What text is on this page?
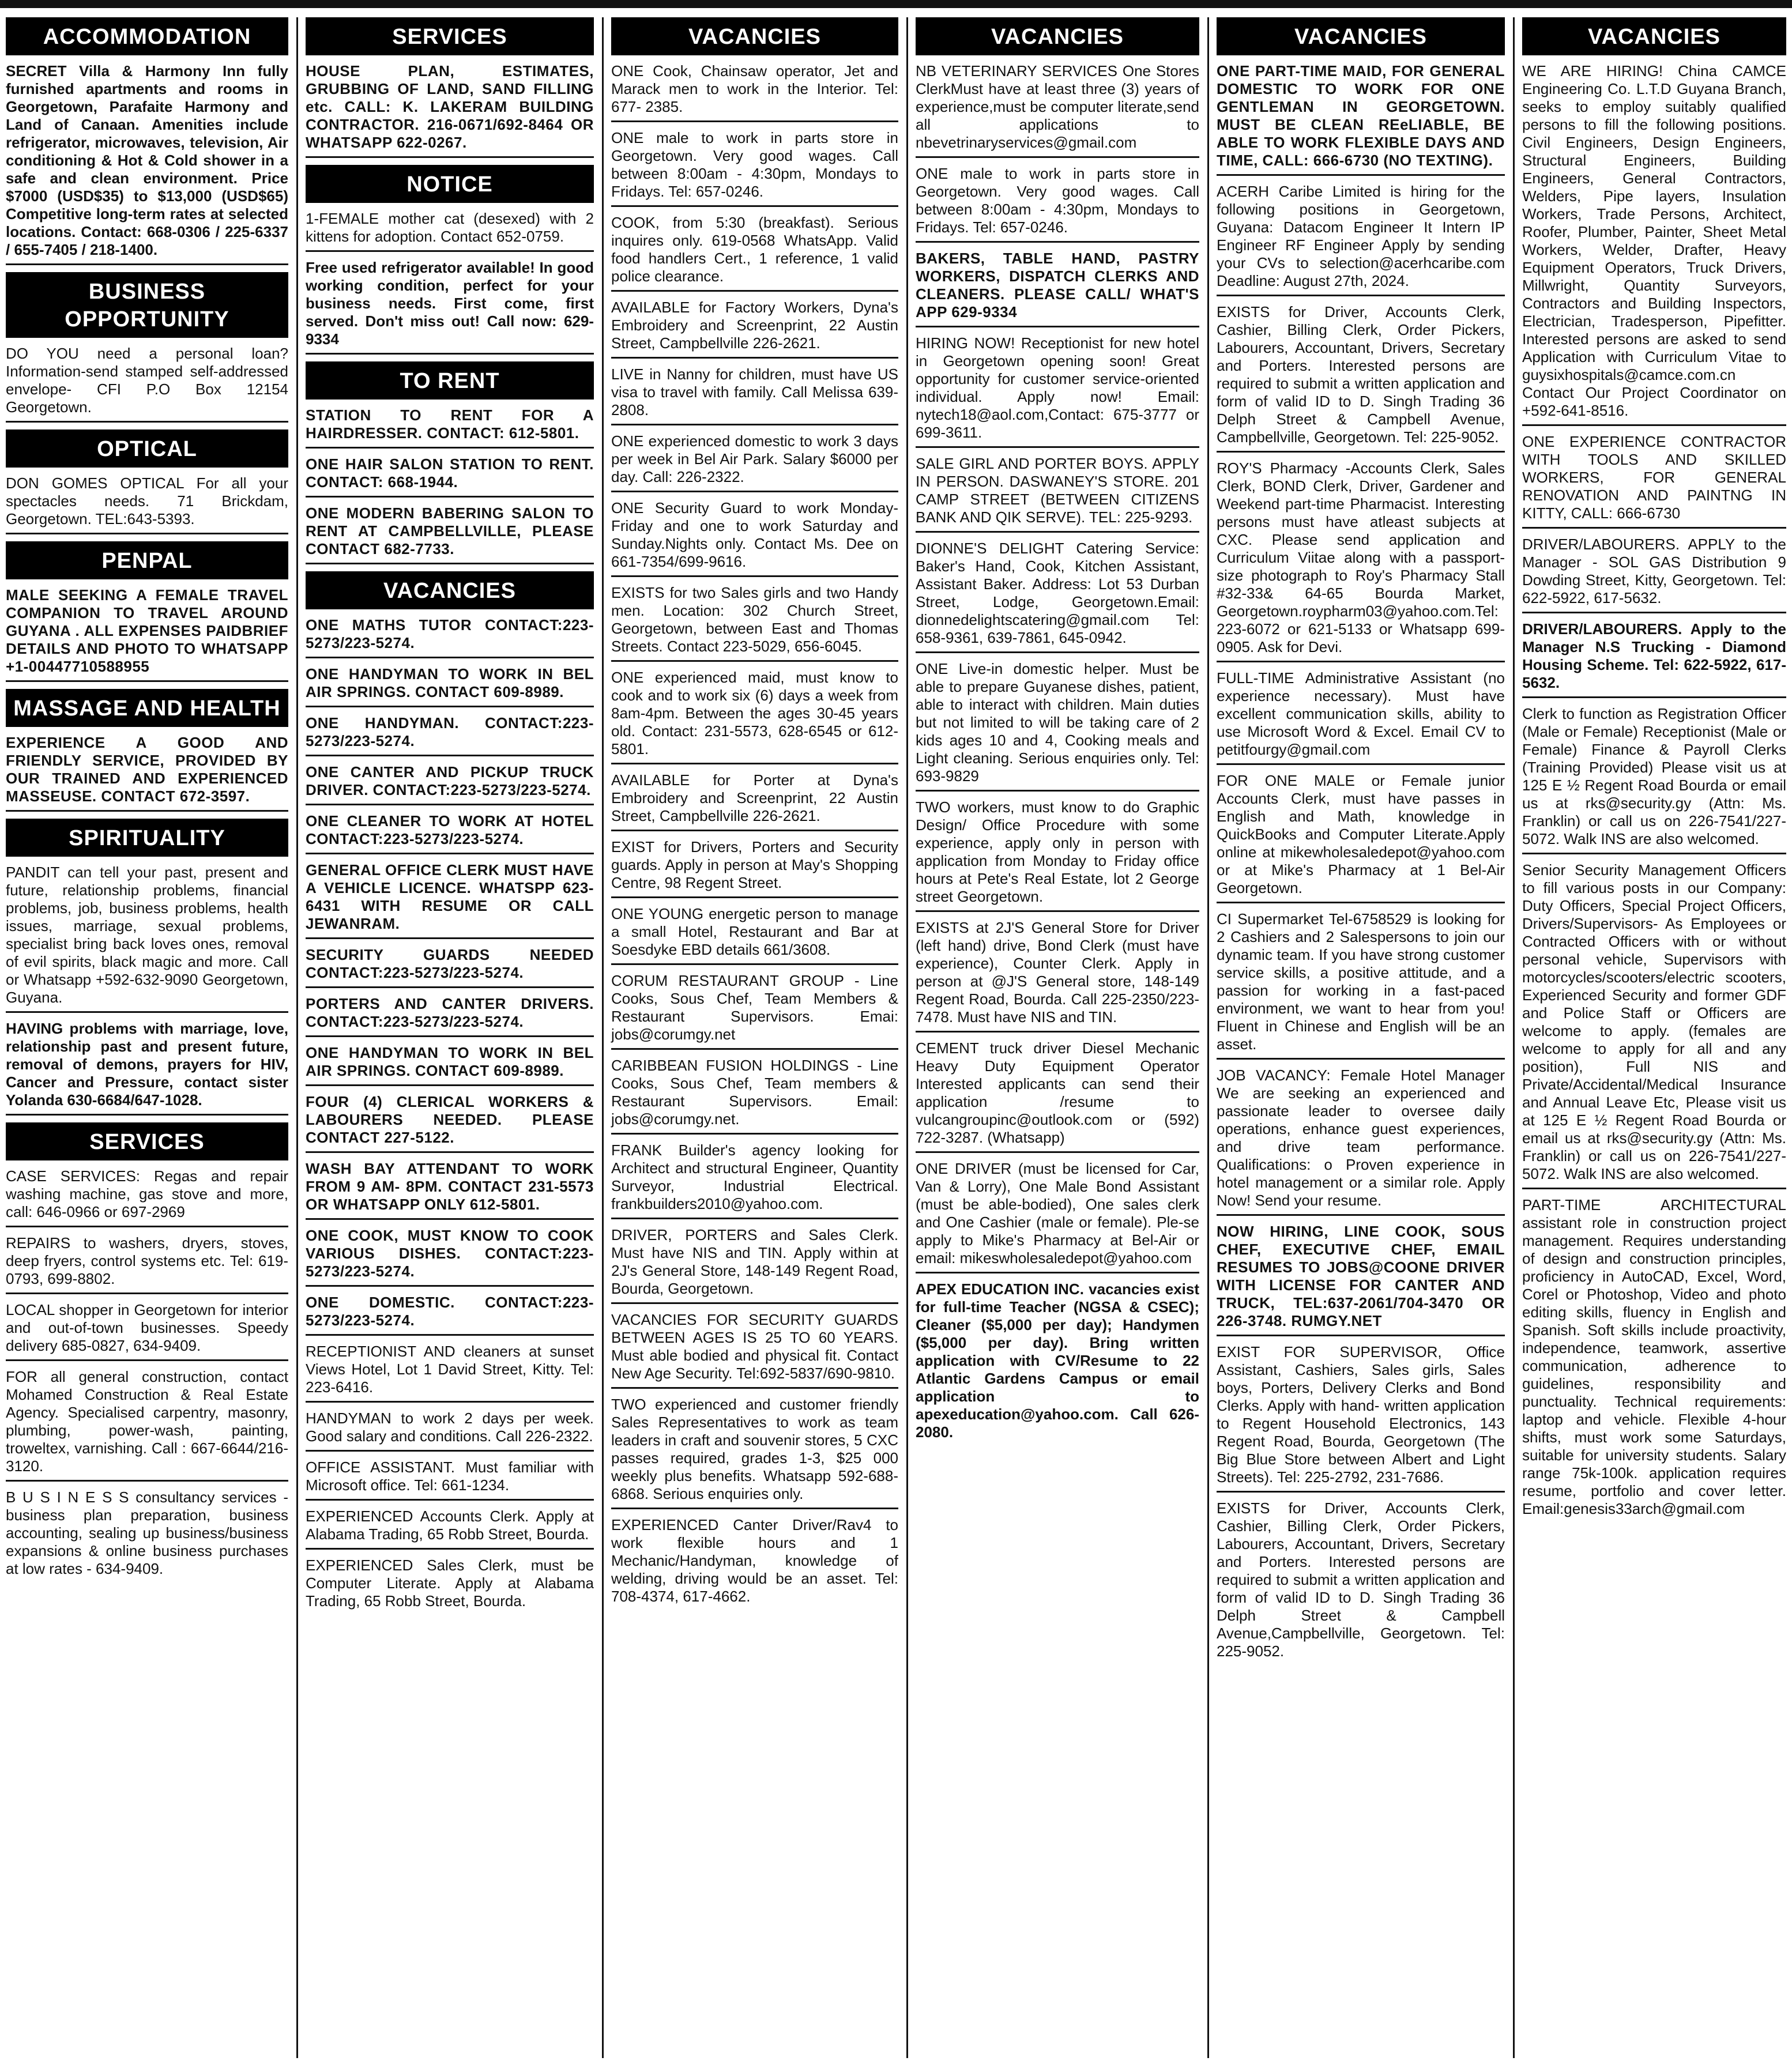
ACCOMMODATION
SECRET Villa & Harmony Inn fully furnished apartments and rooms in Georgetown, Parafaite Harmony and Land of Canaan. Amenities include refrigerator, microwaves, television, Air conditioning & Hot & Cold shower in a safe and clean environment. Price $7000 (USD$35) to $13,000 (USD$65) Competitive long-term rates at selected locations. Contact: 668-0306 / 225-6337 / 655-7405 / 218-1400.
BUSINESS OPPORTUNITY
DO YOU need a personal loan? Information-send stamped self-addressed envelope- CFI P.O Box 12154 Georgetown.
OPTICAL
DON GOMES OPTICAL For all your spectacles needs. 71 Brickdam, Georgetown. TEL:643-5393.
PENPAL
MALE SEEKING A FEMALE TRAVEL COMPANION TO TRAVEL AROUND GUYANA . ALL EXPENSES PAIDBRIEF DETAILS AND PHOTO TO WHATSAPP +1-00447710588955
MASSAGE AND HEALTH
EXPERIENCE A GOOD AND FRIENDLY SERVICE, PROVIDED BY OUR TRAINED AND EXPERIENCED MASSEUSE. CONTACT 672-3597.
SPIRITUALITY
PANDIT can tell your past, present and future, relationship problems, financial problems, job, business problems, health issues, marriage, sexual problems, specialist bring back loves ones, removal of evil spirits, black magic and more. Call or Whatsapp +592-632-9090 Georgetown, Guyana.
HAVING problems with marriage, love, relationship past and present future, removal of demons, prayers for HIV, Cancer and Pressure, contact sister Yolanda 630-6684/647-1028.
SERVICES
CASE SERVICES: Regas and repair washing machine, gas stove and more, call: 646-0966 or 697-2969
REPAIRS to washers, dryers, stoves, deep fryers, control systems etc. Tel: 619-0793, 699-8802.
LOCAL shopper in Georgetown for interior and out-of-town businesses. Speedy delivery 685-0827, 634-9409.
FOR all general construction, contact Mohamed Construction & Real Estate Agency. Specialised carpentry, masonry, plumbing, power-wash, painting, troweltex, varnishing. Call : 667-6644/216-3120.
B U S I N E S S consultancy services - business plan preparation, business accounting, sealing up business/business expansions & online business purchases at low rates - 634-9409.
SERVICES
HOUSE PLAN, ESTIMATES, GRUBBING OF LAND, SAND FILLING etc. CALL: K. LAKERAM BUILDING CONTRACTOR. 216-0671/692-8464 OR WHATSAPP 622-0267.
NOTICE
1-FEMALE mother cat (desexed) with 2 kittens for adoption. Contact 652-0759.
Free used refrigerator available! In good working condition, perfect for your business needs. First come, first served. Don't miss out! Call now: 629-9334
TO RENT
STATION TO RENT FOR A HAIRDRESSER. CONTACT: 612-5801.
ONE HAIR SALON STATION TO RENT. CONTACT: 668-1944.
ONE MODERN BABERING SALON TO RENT AT CAMPBELLVILLE, PLEASE CONTACT 682-7733.
VACANCIES
ONE MATHS TUTOR CONTACT:223-5273/223-5274.
ONE HANDYMAN TO WORK IN BEL AIR SPRINGS. CONTACT 609-8989.
ONE HANDYMAN. CONTACT:223-5273/223-5274.
ONE CANTER AND PICKUP TRUCK DRIVER. CONTACT:223-5273/223-5274.
ONE CLEANER TO WORK AT HOTEL CONTACT:223-5273/223-5274.
GENERAL OFFICE CLERK MUST HAVE A VEHICLE LICENCE. WHATSPP 623-6431 WITH RESUME OR CALL JEWANRAM.
SECURITY GUARDS NEEDED CONTACT:223-5273/223-5274.
PORTERS AND CANTER DRIVERS. CONTACT:223-5273/223-5274.
ONE HANDYMAN TO WORK IN BEL AIR SPRINGS. CONTACT 609-8989.
FOUR (4) CLERICAL WORKERS & LABOURERS NEEDED. PLEASE CONTACT 227-5122.
WASH BAY ATTENDANT TO WORK FROM 9 AM- 8PM. CONTACT 231-5573 OR WHATSAPP ONLY 612-5801.
ONE COOK, MUST KNOW TO COOK VARIOUS DISHES. CONTACT:223-5273/223-5274.
ONE DOMESTIC. CONTACT:223-5273/223-5274.
RECEPTIONIST AND cleaners at sunset Views Hotel, Lot 1 David Street, Kitty. Tel: 223-6416.
HANDYMAN to work 2 days per week. Good salary and conditions. Call 226-2322.
OFFICE ASSISTANT. Must familiar with Microsoft office. Tel: 661-1234.
EXPERIENCED Accounts Clerk. Apply at Alabama Trading, 65 Robb Street, Bourda.
EXPERIENCED Sales Clerk, must be Computer Literate. Apply at Alabama Trading, 65 Robb Street, Bourda.
VACANCIES
ONE Cook, Chainsaw operator, Jet and Marack men to work in the Interior. Tel: 677- 2385.
ONE male to work in parts store in Georgetown. Very good wages. Call between 8:00am - 4:30pm, Mondays to Fridays. Tel: 657-0246.
COOK, from 5:30 (breakfast). Serious inquires only. 619-0568 WhatsApp. Valid food handlers Cert., 1 reference, 1 valid police clearance.
AVAILABLE for Factory Workers, Dyna's Embroidery and Screenprint, 22 Austin Street, Campbellville 226-2621.
LIVE in Nanny for children, must have US visa to travel with family. Call Melissa 639-2808.
ONE experienced domestic to work 3 days per week in Bel Air Park. Salary $6000 per day. Call: 226-2322.
ONE Security Guard to work Monday-Friday and one to work Saturday and Sunday.Nights only. Contact Ms. Dee on 661-7354/699-9616.
EXISTS for two Sales girls and two Handy men. Location: 302 Church Street, Georgetown, between East and Thomas Streets. Contact 223-5029, 656-6045.
ONE experienced maid, must know to cook and to work six (6) days a week from 8am-4pm. Between the ages 30-45 years old. Contact: 231-5573, 628-6545 or 612-5801.
AVAILABLE for Porter at Dyna's Embroidery and Screenprint, 22 Austin Street, Campbellville 226-2621.
EXIST for Drivers, Porters and Security guards. Apply in person at May's Shopping Centre, 98 Regent Street.
ONE YOUNG energetic person to manage a small Hotel, Restaurant and Bar at Soesdyke EBD details 661/3608.
CORUM RESTAURANT GROUP - Line Cooks, Sous Chef, Team Members & Restaurant Supervisors. Emai: jobs@corumgy.net
CARIBBEAN FUSION HOLDINGS - Line Cooks, Sous Chef, Team members & Restaurant Supervisors. Email: jobs@corumgy.net.
FRANK Builder's agency looking for Architect and structural Engineer, Quantity Surveyor, Industrial Electrical. frankbuilders2010@yahoo.com.
DRIVER, PORTERS and Sales Clerk. Must have NIS and TIN. Apply within at 2J's General Store, 148-149 Regent Road, Bourda, Georgetown.
VACANCIES FOR SECURITY GUARDS BETWEEN AGES IS 25 TO 60 YEARS. Must able bodied and physical fit. Contact New Age Security. Tel:692-5837/690-9810.
TWO experienced and customer friendly Sales Representatives to work as team leaders in craft and souvenir stores, 5 CXC passes required, grades 1-3, $25 000 weekly plus benefits. Whatsapp 592-688-6868. Serious enquiries only.
EXPERIENCED Canter Driver/Rav4 to work flexible hours and 1 Mechanic/Handyman, knowledge of welding, driving would be an asset. Tel: 708-4374, 617-4662.
VACANCIES
NB VETERINARY SERVICES One Stores ClerkMust have at least three (3) years of experience,must be computer literate,send all applications to nbevetrinaryservices@gmail.com
ONE male to work in parts store in Georgetown. Very good wages. Call between 8:00am - 4:30pm, Mondays to Fridays. Tel: 657-0246.
BAKERS, TABLE HAND, PASTRY WORKERS, DISPATCH CLERKS AND CLEANERS. PLEASE CALL/ WHAT'S APP 629-9334
HIRING NOW! Receptionist for new hotel in Georgetown opening soon! Great opportunity for customer service-oriented individual. Apply now! Email: nytech18@aol.com,Contact: 675-3777 or 699-3611.
SALE GIRL AND PORTER BOYS. APPLY IN PERSON. DASWANEY'S STORE. 201 CAMP STREET (BETWEEN CITIZENS BANK AND QIK SERVE). TEL: 225-9293.
DIONNE'S DELIGHT Catering Service: Baker's Hand, Cook, Kitchen Assistant, Assistant Baker. Address: Lot 53 Durban Street, Lodge, Georgetown.Email: dionnedelightscatering@gmail.com Tel: 658-9361, 639-7861, 645-0942.
ONE Live-in domestic helper. Must be able to prepare Guyanese dishes, patient, able to interact with children. Main duties but not limited to will be taking care of 2 kids ages 10 and 4, Cooking meals and Light cleaning. Serious enquiries only. Tel: 693-9829
TWO workers, must know to do Graphic Design/ Office Procedure with some experience, apply only in person with application from Monday to Friday office hours at Pete's Real Estate, lot 2 George street Georgetown.
EXISTS at 2J'S General Store for Driver (left hand) drive, Bond Clerk (must have experience), Counter Clerk. Apply in person at @J'S General store, 148-149 Regent Road, Bourda. Call 225-2350/223-7478. Must have NIS and TIN.
CEMENT truck driver Diesel Mechanic Heavy Duty Equipment Operator Interested applicants can send their application /resume to vulcangroupinc@outlook.com or (592) 722-3287. (Whatsapp)
ONE DRIVER (must be licensed for Car, Van & Lorry), One Male Bond Assistant (must be able-bodied), One sales clerk and One Cashier (male or female). Ple-se apply to Mike's Pharmacy at Bel-Air or email: mikeswholesaledepot@yahoo.com
APEX EDUCATION INC. vacancies exist for full-time Teacher (NGSA & CSEC); Cleaner ($5,000 per day); Handymen ($5,000 per day). Bring written application with CV/Resume to 22 Atlantic Gardens Campus or email application to apexeducation@yahoo.com. Call 626-2080.
VACANCIES
ONE PART-TIME MAID, FOR GENERAL DOMESTIC TO WORK FOR ONE GENTLEMAN IN GEORGETOWN. MUST BE CLEAN REeLIABLE, BE ABLE TO WORK FLEXIBLE DAYS AND TIME, CALL: 666-6730 (NO TEXTING).
ACERH Caribe Limited is hiring for the following positions in Georgetown, Guyana: Datacom Engineer It Intern IP Engineer RF Engineer Apply by sending your CVs to selection@acerhcaribe.com Deadline: August 27th, 2024.
EXISTS for Driver, Accounts Clerk, Cashier, Billing Clerk, Order Pickers, Labourers, Accountant, Drivers, Secretary and Porters. Interested persons are required to submit a written application and form of valid ID to D. Singh Trading 36 Delph Street & Campbell Avenue, Campbellville, Georgetown. Tel: 225-9052.
ROY'S Pharmacy -Accounts Clerk, Sales Clerk, BOND Clerk, Driver, Gardener and Weekend part-time Pharmacist. Interesting persons must have atleast subjects at CXC. Please send application and Curriculum Viitae along with a passport-size photograph to Roy's Pharmacy Stall #32-33& 64-65 Bourda Market, Georgetown.roypharm03@yahoo.com.Tel: 223-6072 or 621-5133 or Whatsapp 699-0905. Ask for Devi.
FULL-TIME Administrative Assistant (no experience necessary). Must have excellent communication skills, ability to use Microsoft Word & Excel. Email CV to petitfourgy@gmail.com
FOR ONE MALE or Female junior Accounts Clerk, must have passes in English and Math, knowledge in QuickBooks and Computer Literate.Apply online at mikewholesaledepot@yahoo.com or at Mike's Pharmacy at 1 Bel-Air Georgetown.
CI Supermarket Tel-6758529 is looking for 2 Cashiers and 2 Salespersons to join our dynamic team. If you have strong customer service skills, a positive attitude, and a passion for working in a fast-paced environment, we want to hear from you! Fluent in Chinese and English will be an asset.
JOB VACANCY: Female Hotel Manager We are seeking an experienced and passionate leader to oversee daily operations, enhance guest experiences, and drive team performance. Qualifications: o Proven experience in hotel management or a similar role. Apply Now! Send your resume.
NOW HIRING, LINE COOK, SOUS CHEF, EXECUTIVE CHEF, EMAIL RESUMES TO JOBS@COONE DRIVER WITH LICENSE FOR CANTER AND TRUCK, TEL:637-2061/704-3470 OR 226-3748. RUMGY.NET
EXIST FOR SUPERVISOR, Office Assistant, Cashiers, Sales girls, Sales boys, Porters, Delivery Clerks and Bond Clerks. Apply with hand- written application to Regent Household Electronics, 143 Regent Road, Bourda, Georgetown (The Big Blue Store between Albert and Light Streets). Tel: 225-2792, 231-7686.
EXISTS for Driver, Accounts Clerk, Cashier, Billing Clerk, Order Pickers, Labourers, Accountant, Drivers, Secretary and Porters. Interested persons are required to submit a written application and form of valid ID to D. Singh Trading 36 Delph Street & Campbell Avenue,Campbellville, Georgetown. Tel: 225-9052.
VACANCIES
WE ARE HIRING! China CAMCE Engineering Co. L.T.D Guyana Branch, seeks to employ suitably qualified persons to fill the following positions. Civil Engineers, Design Engineers, Structural Engineers, Building Engineers, General Contractors, Welders, Pipe layers, Insulation Workers, Trade Persons, Architect, Roofer, Plumber, Painter, Sheet Metal Workers, Welder, Drafter, Heavy Equipment Operators, Truck Drivers, Millwright, Quantity Surveyors, Contractors and Building Inspectors, Electrician, Tradesperson, Pipefitter. Interested persons are asked to send Application with Curriculum Vitae to guysixhospitals@camce.com.cn Contact Our Project Coordinator on +592-641-8516.
ONE EXPERIENCE CONTRACTOR WITH TOOLS AND SKILLED WORKERS, FOR GENERAL RENOVATION AND PAINTNG IN KITTY, CALL: 666-6730
DRIVER/LABOURERS. APPLY to the Manager - SOL GAS Distribution 9 Dowding Street, Kitty, Georgetown. Tel: 622-5922, 617-5632.
DRIVER/LABOURERS. Apply to the Manager N.S Trucking - Diamond Housing Scheme. Tel: 622-5922, 617-5632.
Clerk to function as Registration Officer (Male or Female) Receptionist (Male or Female) Finance & Payroll Clerks (Training Provided) Please visit us at 125 E ½ Regent Road Bourda or email us at rks@security.gy (Attn: Ms. Franklin) or call us on 226-7541/227-5072. Walk INS are also welcomed.
Senior Security Management Officers to fill various posts in our Company: Duty Officers, Special Project Officers, Drivers/Supervisors- As Employees or Contracted Officers with or without personal vehicle, Supervisors with motorcycles/scooters/electric scooters, Experienced Security and former GDF and Police Staff or Officers are welcome to apply. (females are welcome to apply for all and any position), Full NIS and Private/Accidental/Medical Insurance and Annual Leave Etc, Please visit us at 125 E ½ Regent Road Bourda or email us at rks@security.gy (Attn: Ms. Franklin) or call us on 226-7541/227-5072. Walk INS are also welcomed.
PART-TIME ARCHITECTURAL assistant role in construction project management. Requires understanding of design and construction principles, proficiency in AutoCAD, Excel, Word, Corel or Photoshop, Video and photo editing skills, fluency in English and Spanish. Soft skills include proactivity, independence, teamwork, assertive communication, adherence to guidelines, responsibility and punctuality. Technical requirements: laptop and vehicle. Flexible 4-hour shifts, must work some Saturdays, suitable for university students. Salary range 75k-100k. application requires resume, portfolio and cover letter. Email:genesis33arch@gmail.com
